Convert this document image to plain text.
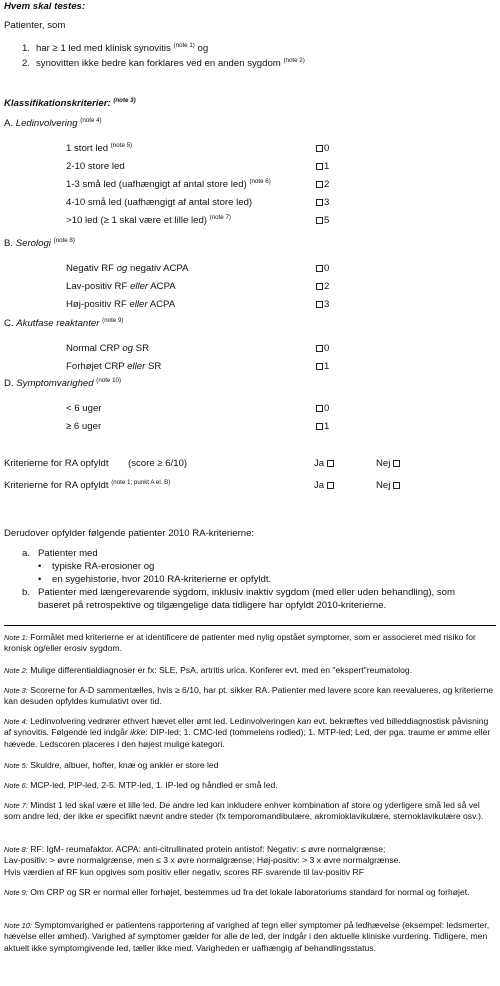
Hvem skal testes:
Patienter, som
1. har ≥ 1 led med klinisk synovitis $^{(note 1)}$ og
2. synovitten ikke bedre kan forklares ved en anden sygdom $^{(note 2)}$
Klassifikationskriterier: $^{(note 3)}$
A. Ledinvolvering $^{(note 4)}$
1 stort led $^{(note 5)}$	0
2-10 store led	1
1-3 små led (uafhængigt af antal store led) $^{(note 6)}$	2
4-10 små led (uafhængigt af antal store led)	3
>10 led (≥ 1 skal være et lille led) $^{(note 7)}$	5
B. Serologi $^{(note 8)}$
Negativ RF og negativ ACPA	0
Lav-positiv RF eller ACPA	2
Høj-positiv RF eller ACPA	3
C. Akutfase reaktanter $^{(note 9)}$
Normal CRP og SR	0
Forhøjet CRP eller SR	1
D. Symptomvarighed $^{(note 10)}$
< 6 uger	0
≥ 6 uger	1
Kriterierne for RA opfyldt (score ≥ 6/10)	Ja	Nej
Kriterierne for RA opfyldt $^{(note 1; punkt A el. B)}$	Ja	Nej
Derudover opfylder følgende patienter 2010 RA-kriterierne:
a. Patienter med
• typiske RA-erosioner og
• en sygehistorie, hvor 2010 RA-kriterierne er opfyldt.
b. Patienter med længerevarende sygdom, inklusiv inaktiv sygdom (med eller uden behandling), som
baseret på retrospektive og tilgængelige data tidligere har opfyldt 2010-kriterierne.
Note 1: Formålet med kriterierne er at identificere de patienter med nylig opstået symptomer, som er associeret med risiko for kronisk og/eller erosiv sygdom.
Note 2: Mulige differentialdiagnoser er fx: SLE, PsA, artritis urica. Konferer evt. med en "ekspert"reumatolog.
Note 3: Scorerne for A-D sammentælles, hvis ≥ 6/10, har pt. sikker RA. Patienter med lavere score kan reevalueres, og kriterierne kan desuden opfyldes kumulativt over tid.
Note 4: Ledinvolvering vedrører ethvert hævet eller ømt led. Ledinvolveringen kan evt. bekræftes ved billeddiagnostisk påvisning af synovitis. Følgende led indgår ikke: DIP-led; 1. CMC-led (tommelens rodled); 1. MTP-led; Led, der pga. traume er ømme eller hævede. Ledscoren placeres i den højest mulige kategori.
Note 5: Skuldre, albuer, hofter, knæ og ankler er store led
Note 6: MCP-led, PIP-led, 2-5. MTP-led, 1. IP-led og håndled er små led.
Note 7: Mindst 1 led skal være et lille led. De andre led kan inkludere enhver kombination af store og yderligere små led så vel som andre led, der ikke er specifikt nævnt andre steder (fx temporomandibulære, akromioklavikulære, sternoklavikulære osv.).
Note 8: RF: IgM- reumafaktor. ACPA: anti-citrullinated protein antistof: Negativ: ≤ øvre normalgrænse;
Lav-positiv: > øvre normalgrænse, men ≤ 3 x øvre normalgrænse; Høj-positiv: > 3 x øvre normalgrænse.
Hvis værdien af RF kun opgives som positiv eller negativ, scores RF svarende til lav-positiv RF
Note 9: Om CRP og SR er normal eller forhøjet, bestemmes ud fra det lokale laboratoriums standard for normal og forhøjet.
Note 10: Symptomvarighed er patientens rapportering af varighed af tegn eller symptomer på ledhævelse (eksempel: ledsmerter, hævelse eller ømhed). Varighed af symptomer gælder for alle de led, der indgår i den aktuelle kliniske vurdering. Tidligere, men aktuelt ikke symptomgivende led, tæller ikke med. Varigheden er uafhængig af behandlingsstatus.
